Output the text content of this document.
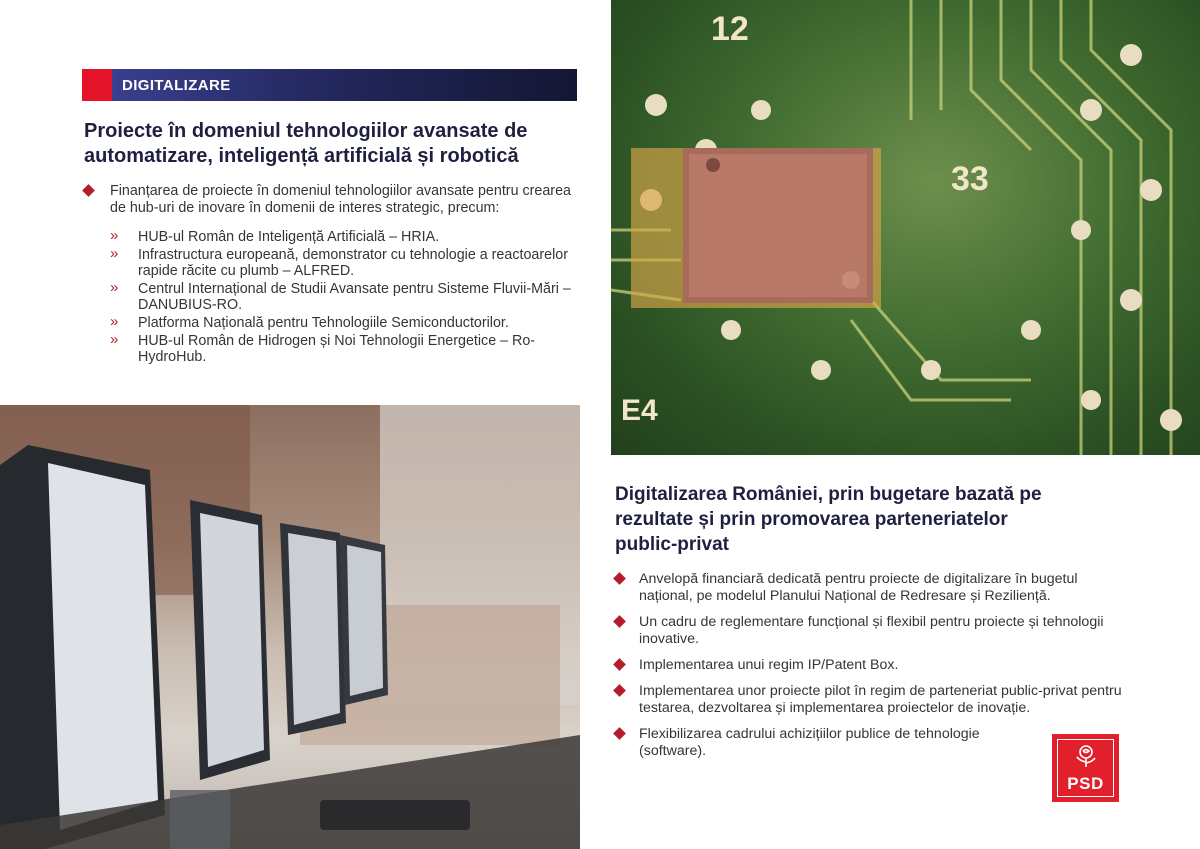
DIGITALIZARE
Proiecte în domeniul tehnologiilor avansate de automatizare, inteligență artificială și robotică
Finanțarea de proiecte în domeniul tehnologiilor avansate pentru crearea de hub-uri de inovare în domenii de interes strategic, precum:
» HUB-ul Român de Inteligență Artificială – HRIA.
» Infrastructura europeană, demonstrator cu tehnologie a reactoarelor rapide răcite cu plumb – ALFRED.
» Centrul Internațional de Studii Avansate pentru Sisteme Fluvii-Mări – DANUBIUS-RO.
» Platforma Națională pentru Tehnologiile Semiconductorilor.
» HUB-ul Român de Hidrogen și Noi Tehnologii Energetice – Ro-HydroHub.
12
33
E4
Digitalizarea României, prin bugetare bazată pe rezultate și prin promovarea parteneriatelor public-privat
Anvelopă financiară dedicată pentru proiecte de digitalizare în bugetul național, pe modelul Planului Național de Redresare și Reziliență.
Un cadru de reglementare funcțional și flexibil pentru proiecte și tehnologii inovative.
Implementarea unui regim IP/Patent Box.
Implementarea unor proiecte pilot în regim de parteneriat public-privat pentru testarea, dezvoltarea și implementarea proiectelor de inovație.
Flexibilizarea cadrului achizițiilor publice de tehnologie (software).
PSD
